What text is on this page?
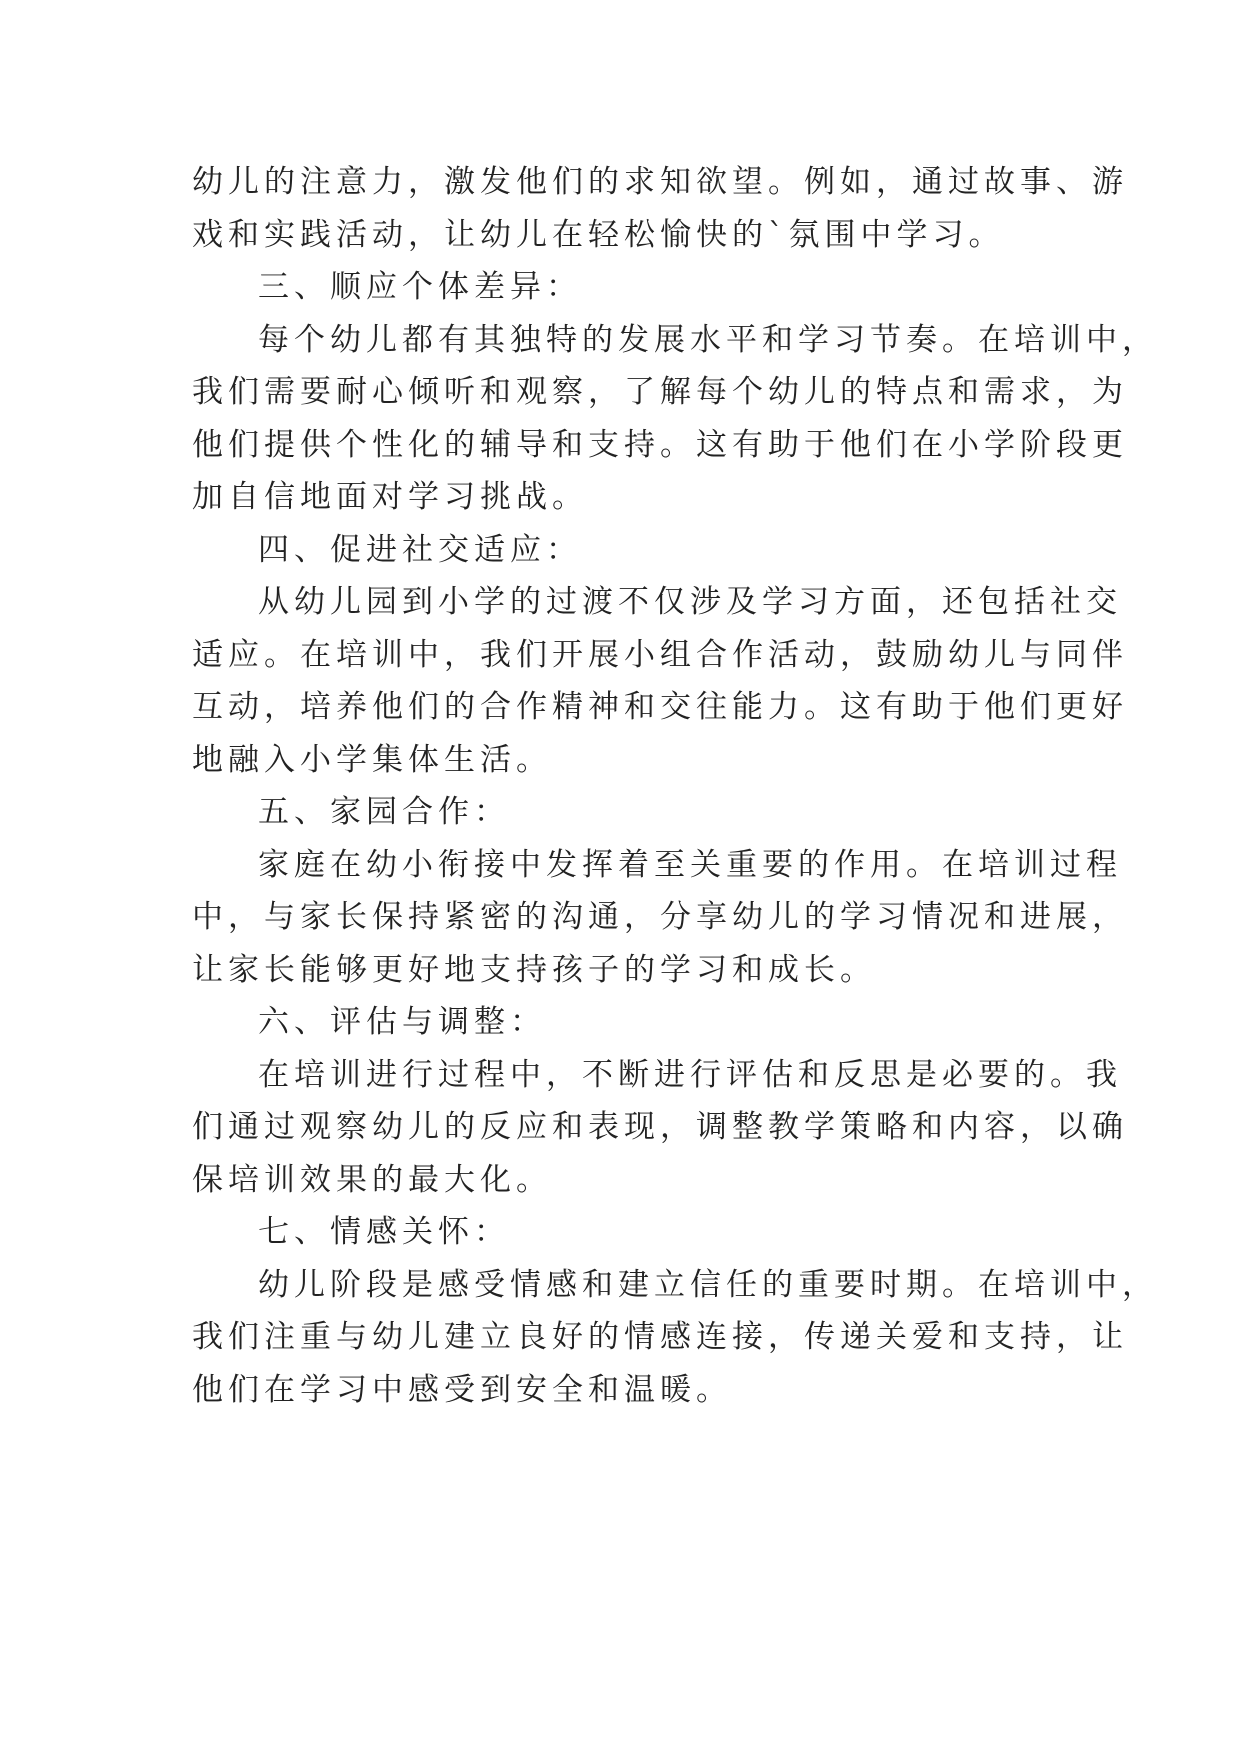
幼儿的注意力，激发他们的求知欲望。例如，通过故事、游
戏和实践活动，让幼儿在轻松愉快的`氛围中学习。
三、顺应个体差异：
每个幼儿都有其独特的发展水平和学习节奏。在培训中，
我们需要耐心倾听和观察，了解每个幼儿的特点和需求，为
他们提供个性化的辅导和支持。这有助于他们在小学阶段更
加自信地面对学习挑战。
四、促进社交适应：
从幼儿园到小学的过渡不仅涉及学习方面，还包括社交
适应。在培训中，我们开展小组合作活动，鼓励幼儿与同伴
互动，培养他们的合作精神和交往能力。这有助于他们更好
地融入小学集体生活。
五、家园合作：
家庭在幼小衔接中发挥着至关重要的作用。在培训过程
中，与家长保持紧密的沟通，分享幼儿的学习情况和进展，
让家长能够更好地支持孩子的学习和成长。
六、评估与调整：
在培训进行过程中，不断进行评估和反思是必要的。我
们通过观察幼儿的反应和表现，调整教学策略和内容，以确
保培训效果的最大化。
七、情感关怀：
幼儿阶段是感受情感和建立信任的重要时期。在培训中，
我们注重与幼儿建立良好的情感连接，传递关爱和支持，让
他们在学习中感受到安全和温暖。
